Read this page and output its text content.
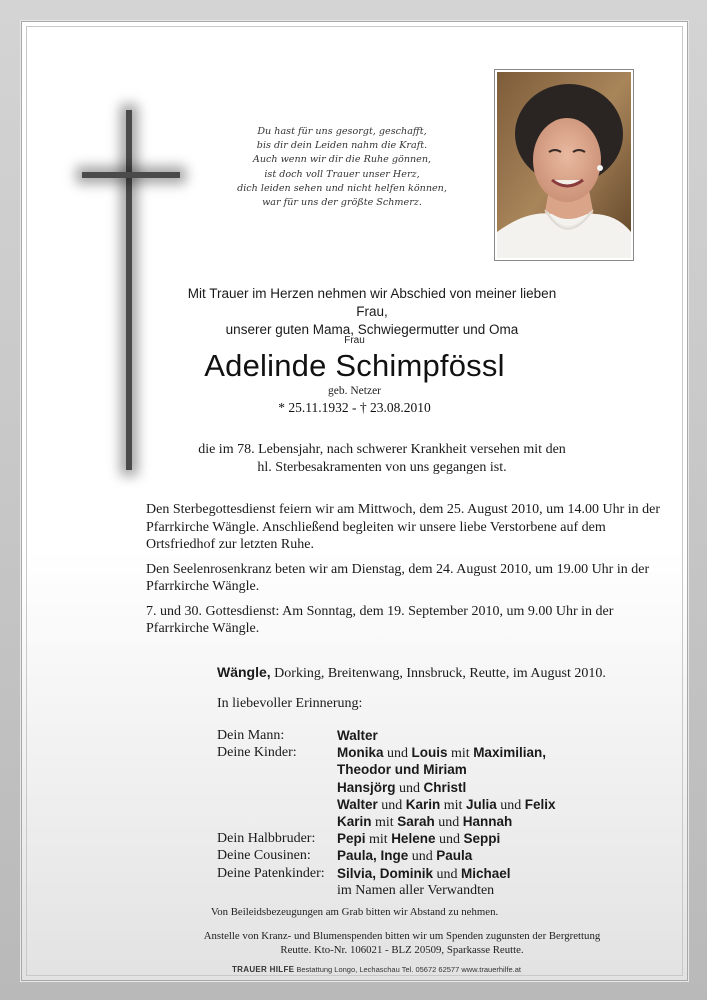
Du hast für uns gesorgt, geschafft,
bis dir dein Leiden nahm die Kraft.
Auch wenn wir dir die Ruhe gönnen,
ist doch voll Trauer unser Herz,
dich leiden sehen und nicht helfen können,
war für uns der größte Schmerz.
Mit Trauer im Herzen nehmen wir Abschied von meiner lieben Frau,
unserer guten Mama, Schwiegermutter und Oma
Frau
Adelinde Schimpfössl
geb. Netzer
* 25.11.1932 - † 23.08.2010
die im 78. Lebensjahr, nach schwerer Krankheit versehen mit den
hl. Sterbesakramenten von uns gegangen ist.

Den Sterbegottesdienst feiern wir am Mittwoch, dem 25. August 2010, um 14.00 Uhr in der Pfarrkirche Wängle. Anschließend begleiten wir unsere liebe Verstorbene auf dem Ortsfriedhof zur letzten Ruhe.

Den Seelenrosenkranz beten wir am Dienstag, dem 24. August 2010, um 19.00 Uhr in der Pfarrkirche Wängle.

7. und 30. Gottesdienst: Am Sonntag, dem 19. September 2010, um 9.00 Uhr in der Pfarrkirche Wängle.

Wängle, Dorking, Breitenwang, Innsbruck, Reutte, im August 2010.
In liebevoller Erinnerung:
Dein Mann:	Walter
Deine Kinder:	Monika und Louis mit Maximilian,
Theodor und Miriam
Hansjörg und Christl
Walter und Karin mit Julia und Felix
Karin mit Sarah und Hannah
Dein Halbbruder:	Pepi mit Helene und Seppi
Deine Cousinen:	Paula, Inge und Paula
Deine Patenkinder: Silvia, Dominik und Michael
im Namen aller Verwandten
Von Beileidsbezeugungen am Grab bitten wir Abstand zu nehmen.
Anstelle von Kranz- und Blumenspenden bitten wir um Spenden zugunsten der Bergrettung Reutte. Kto-Nr. 106021 - BLZ 20509, Sparkasse Reutte.
TRAUER HILFE Bestattung Longo, Lechaschau Tel. 05672 62577 www.trauerhilfe.at
